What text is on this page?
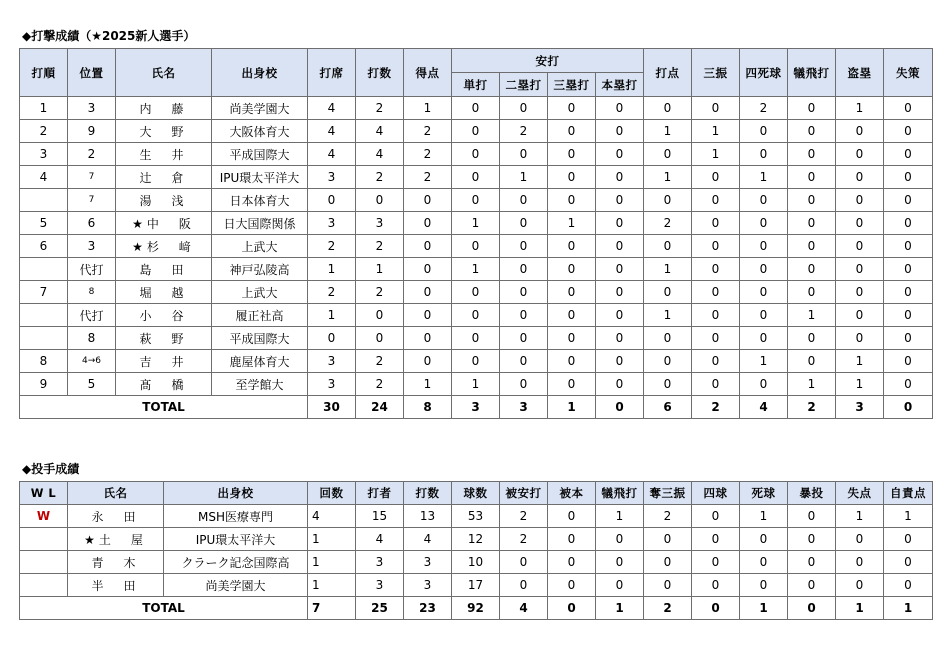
◆打撃成績（★2025新人選手）
打順	位置	氏名	出身校	打席	打数	得点	安打				打点	三振	四死球	犠飛打	盗塁	失策
							単打	二塁打	三塁打	本塁打						
1	3	内　藤	尚美学園大	4	2	1	0	0	0	0	0	0	2	0	1	0
2	9	大　野	大阪体育大	4	4	2	0	2	0	0	1	1	0	0	0	0
3	2	生　井	平成国際大	4	4	2	0	0	0	0	0	1	0	0	0	0
4	7	辻　倉	IPU環太平洋大	3	2	2	0	1	0	0	1	0	1	0	0	0
	7	湯　浅	日本体育大	0	0	0	0	0	0	0	0	0	0	0	0	0
5	6	★中　阪	日大国際関係	3	3	0	1	0	1	0	2	0	0	0	0	0
6	3	★杉　﨑	上武大	2	2	0	0	0	0	0	0	0	0	0	0	0
	代打	島　田	神戸弘陵高	1	1	0	1	0	0	0	1	0	0	0	0	0
7	8	堀　越	上武大	2	2	0	0	0	0	0	0	0	0	0	0	0
	代打	小　谷	履正社高	1	0	0	0	0	0	0	1	0	0	1	0	0
	8	萩　野	平成国際大	0	0	0	0	0	0	0	0	0	0	0	0	0
8	4→6	吉　井	鹿屋体育大	3	2	0	0	0	0	0	0	0	1	0	1	0
9	5	髙　橋	至学館大	3	2	1	1	0	0	0	0	0	0	1	1	0
TOTAL				30	24	8	3	3	1	0	6	2	4	2	3	0
◆投手成績
W L	氏名	出身校	回数	打者	打数	球数	被安打	被本	犠飛打	奪三振	四球	死球	暴投	失点	自責点
W	永　田	MSH医療専門	4	15	13	53	2	0	1	2	0	1	0	1	1
	★土　屋	IPU環太平洋大	1	4	4	12	2	0	0	0	0	0	0	0	0
	青　木	クラーク記念国際高	1	3	3	10	0	0	0	0	0	0	0	0	0
	半　田	尚美学園大	1	3	3	17	0	0	0	0	0	0	0	0	0
TOTAL			7	25	23	92	4	0	1	2	0	1	0	1	1
